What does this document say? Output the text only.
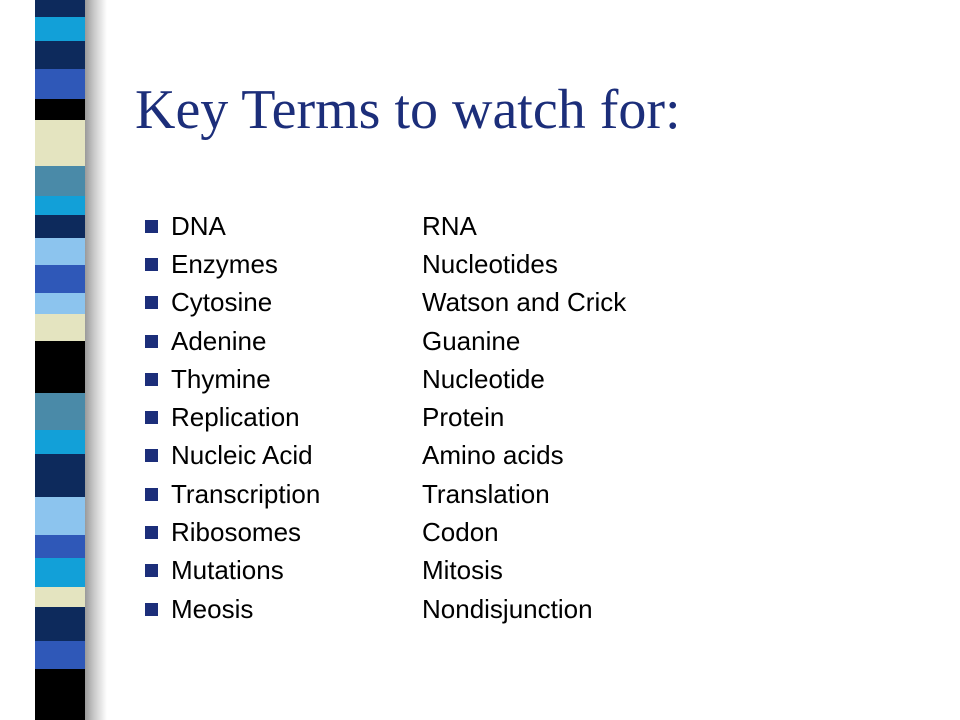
Key Terms to watch for:
DNA	RNA
Enzymes	Nucleotides
Cytosine	Watson and Crick
Adenine	Guanine
Thymine	Nucleotide
Replication	Protein
Nucleic Acid	Amino acids
Transcription	Translation
Ribosomes	Codon
Mutations	Mitosis
Meosis	Nondisjunction
